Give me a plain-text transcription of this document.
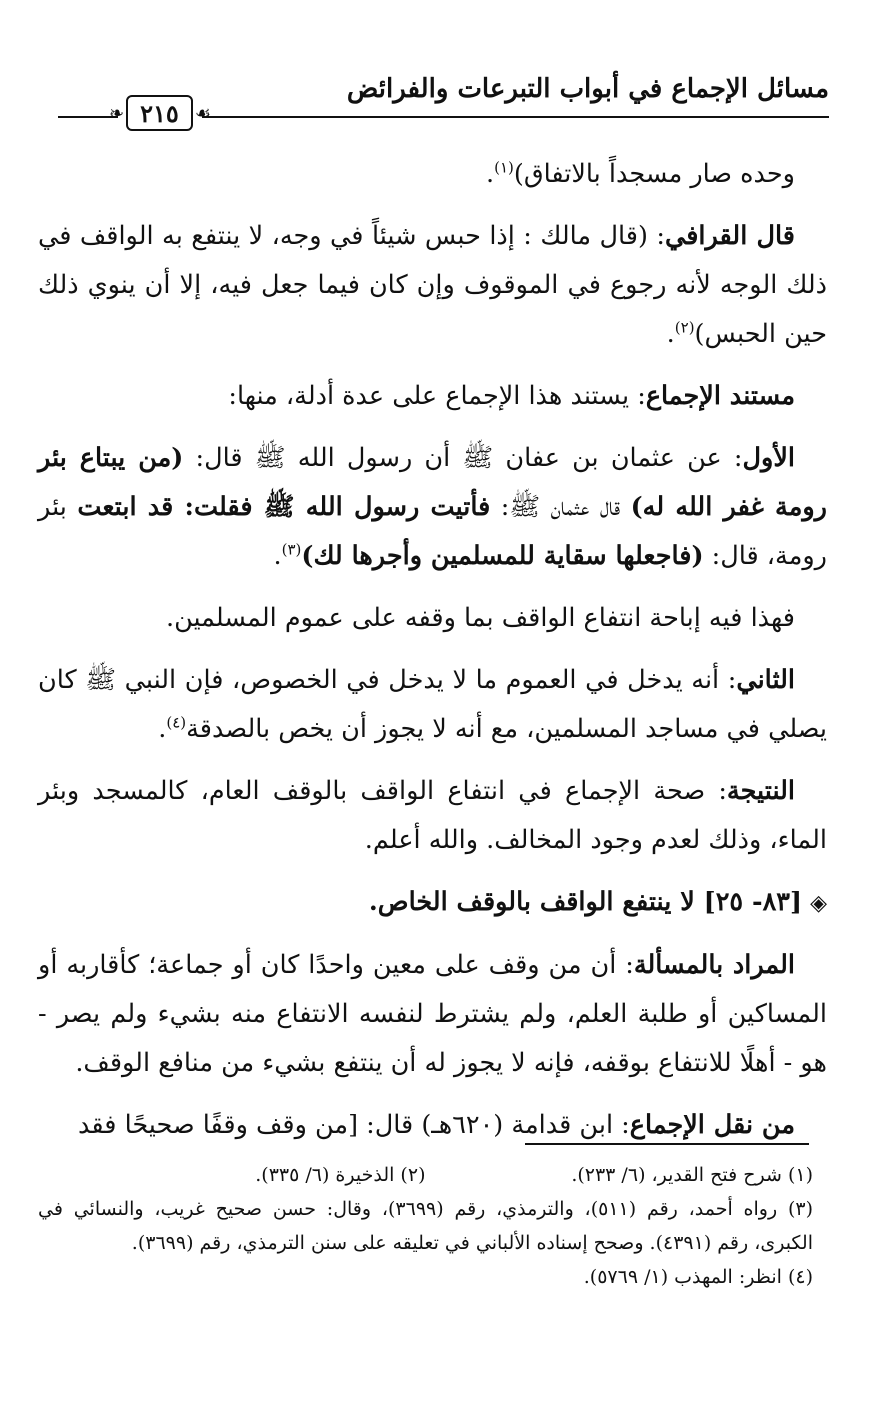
مسائل الإجماع في أبواب التبرعات والفرائض
❧ ٢١٥ ☙

وحده صار مسجداً بالاتفاق)$^{(١)}$.

قال القرافي: (قال مالك : إذا حبس شيئاً في وجه، لا ينتفع به الواقف في ذلك الوجه لأنه رجوع في الموقوف وإن كان فيما جعل فيه، إلا أن ينوي ذلك حين الحبس)$^{(٢)}$.

مستند الإجماع: يستند هذا الإجماع على عدة أدلة، منها:

الأول: عن عثمان بن عفان ﷺ أن رسول الله ﷺ قال: (من يبتاع بئر رومة غفر الله له) قال عثمان ﷺ: فأتيت رسول الله ﷺ فقلت: قد ابتعت بئر رومة، قال: (فاجعلها سقاية للمسلمين وأجرها لك)$^{(٣)}$.

فهذا فيه إباحة انتفاع الواقف بما وقفه على عموم المسلمين.

الثاني: أنه يدخل في العموم ما لا يدخل في الخصوص، فإن النبي ﷺ كان يصلي في مساجد المسلمين، مع أنه لا يجوز أن يخص بالصدقة$^{(٤)}$.

النتيجة: صحة الإجماع في انتفاع الواقف بالوقف العام، كالمسجد وبئر الماء، وذلك لعدم وجود المخالف. والله أعلم.

◈[٨٣- ٢٥] لا ينتفع الواقف بالوقف الخاص.

المراد بالمسألة: أن من وقف على معين واحدًا كان أو جماعة؛ كأقاربه أو المساكين أو طلبة العلم، ولم يشترط لنفسه الانتفاع منه بشيء ولم يصر - هو - أهلًا للانتفاع بوقفه، فإنه لا يجوز له أن ينتفع بشيء من منافع الوقف.

من نقل الإجماع: ابن قدامة (٦٢٠هـ) قال: [من وقف وقفًا صحيحًا فقد

(١) شرح فتح القدير، (٦/ ٢٣٣).
(٢) الذخيرة (٦/ ٣٣٥).

(٣) رواه أحمد، رقم (٥١١)، والترمذي، رقم (٣٦٩٩)، وقال: حسن صحيح غريب، والنسائي في الكبرى، رقم (٤٣٩١). وصحح إسناده الألباني في تعليقه على سنن الترمذي، رقم (٣٦٩٩).

(٤) انظر: المهذب (١/ ٥٧٦٩).
